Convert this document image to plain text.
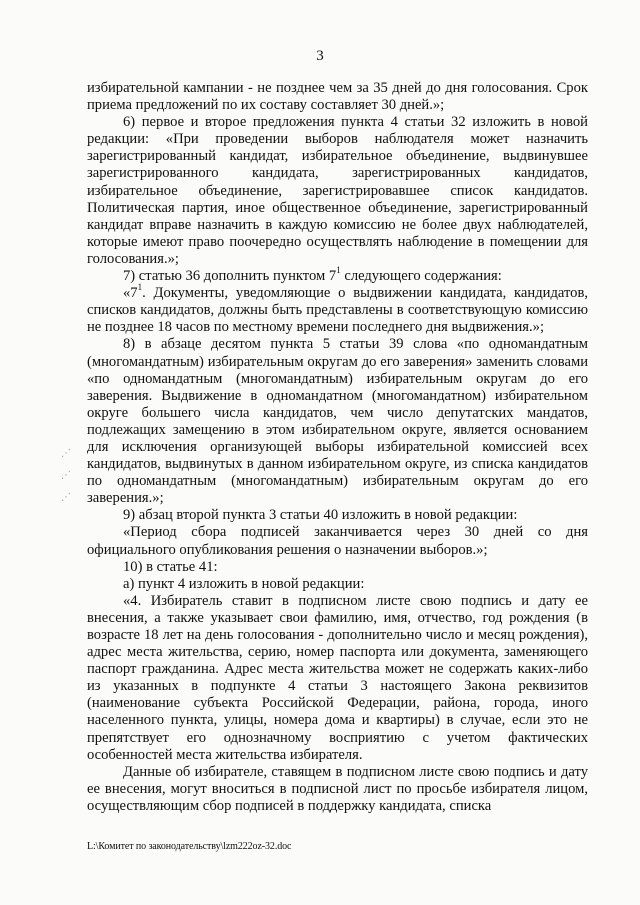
3

избирательной кампании - не позднее чем за 35 дней до дня голосования. Срок приема предложений по их составу составляет 30 дней.»;

6) первое и второе предложения пункта 4 статьи 32 изложить в новой редакции: «При проведении выборов наблюдателя может назначить зарегистрированный кандидат, избирательное объединение, выдвинувшее зарегистрированного кандидата, зарегистрированных кандидатов, избирательное объединение, зарегистрировавшее список кандидатов. Политическая партия, иное общественное объединение, зарегистрированный кандидат вправе назначить в каждую комиссию не более двух наблюдателей, которые имеют право поочередно осуществлять наблюдение в помещении для голосования.»;

7) статью 36 дополнить пунктом $7^1$ следующего содержания:

«$7^1$. Документы, уведомляющие о выдвижении кандидата, кандидатов, списков кандидатов, должны быть представлены в соответствующую комиссию не позднее 18 часов по местному времени последнего дня выдвижения.»;

8) в абзаце десятом пункта 5 статьи 39 слова «по одномандатным (многомандатным) избирательным округам до его заверения» заменить словами «по одномандатным (многомандатным) избирательным округам до его заверения. Выдвижение в одномандатном (многомандатном) избирательном округе большего числа кандидатов, чем число депутатских мандатов, подлежащих замещению в этом избирательном округе, является основанием для исключения организующей выборы избирательной комиссией всех кандидатов, выдвинутых в данном избирательном округе, из списка кандидатов по одномандатным (многомандатным) избирательным округам до его заверения.»;

9) абзац второй пункта 3 статьи 40 изложить в новой редакции:

«Период сбора подписей заканчивается через 30 дней со дня официального опубликования решения о назначении выборов.»;

10) в статье 41:

а) пункт 4 изложить в новой редакции:

«4. Избиратель ставит в подписном листе свою подпись и дату ее внесения, а также указывает свои фамилию, имя, отчество, год рождения (в возрасте 18 лет на день голосования - дополнительно число и месяц рождения), адрес места жительства, серию, номер паспорта или документа, заменяющего паспорт гражданина. Адрес места жительства может не содержать каких-либо из указанных в подпункте 4 статьи 3 настоящего Закона реквизитов (наименование субъекта Российской Федерации, района, города, иного населенного пункта, улицы, номера дома и квартиры) в случае, если это не препятствует его однозначному восприятию с учетом фактических особенностей места жительства избирателя.

Данные об избирателе, ставящем в подписном листе свою подпись и дату ее внесения, могут вноситься в подписной лист по просьбе избирателя лицом, осуществляющим сбор подписей в поддержку кандидата, списка

⋰
⋰
⋰
L:\Комитет по законодательству\lzm222oz-32.doc
